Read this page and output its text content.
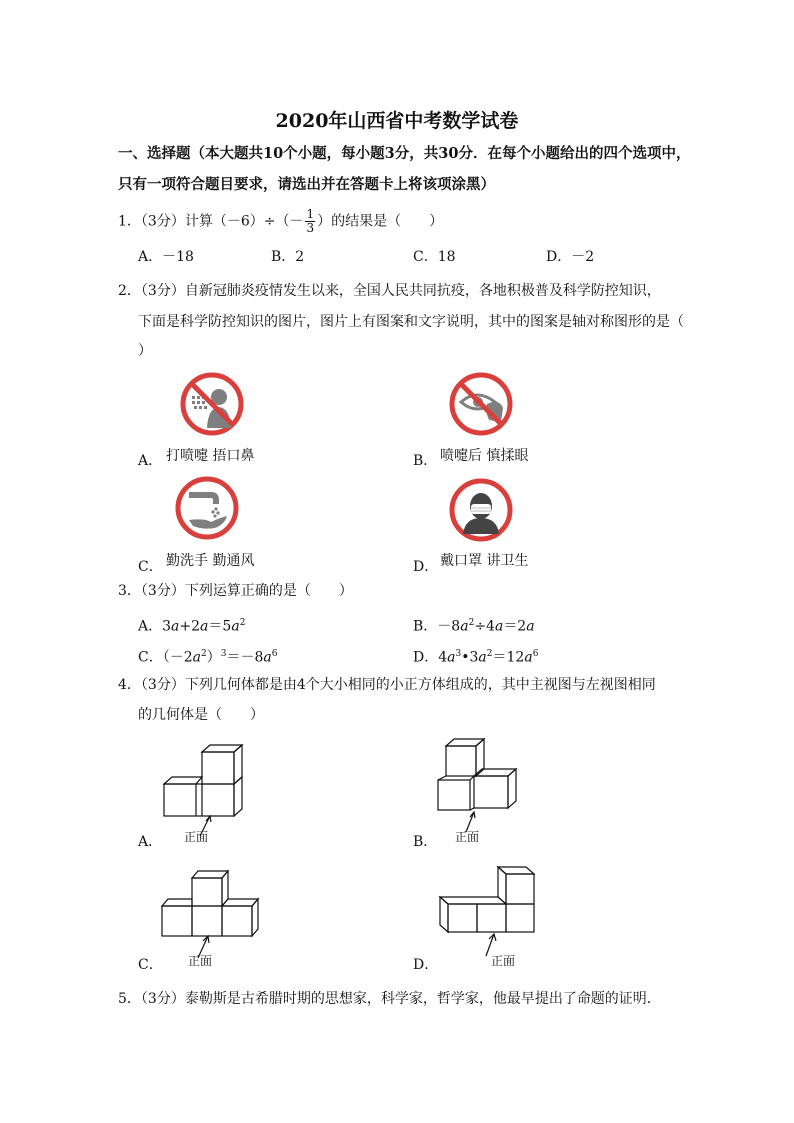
2020年山西省中考数学试卷
一、选择题（本大题共10个小题，每小题3分，共30分．在每个小题给出的四个选项中，
只有一项符合题目要求，请选出并在答题卡上将该项涂黑）
1．（3分）计算$(-6)\div(- \frac{1}{3}$ ）的结果是（　　）
A．－18	B．2	C．18	D．－2
2．（3分）自新冠肺炎疫情发生以来，全国人民共同抗疫，各地积极普及科学防控知识，
下面是科学防控知识的图片，图片上有图案和文字说明，其中的图案是轴对称图形的是（
）
A． 打喷嚏 捂口鼻	B． 喷嚏后 慎揉眼
C． 勤洗手 勤通风	D． 戴口罩 讲卫生
3．（3分）下列运算正确的是（　　）
A．$3a+2a=5a^2$	B．$-8a^2\div 4a=2a$
C．$(-2a^2)^3=-8a^6$	D．$4a^3•3a^2=12a^6$
4．（3分）下列几何体都是由4个大小相同的小正方体组成的，其中主视图与左视图相同
的几何体是（　　）
正面
A．	正面
B．
正面
C．	正面
D．
5．（3分）泰勒斯是古希腊时期的思想家，科学家，哲学家，他最早提出了命题的证明．
